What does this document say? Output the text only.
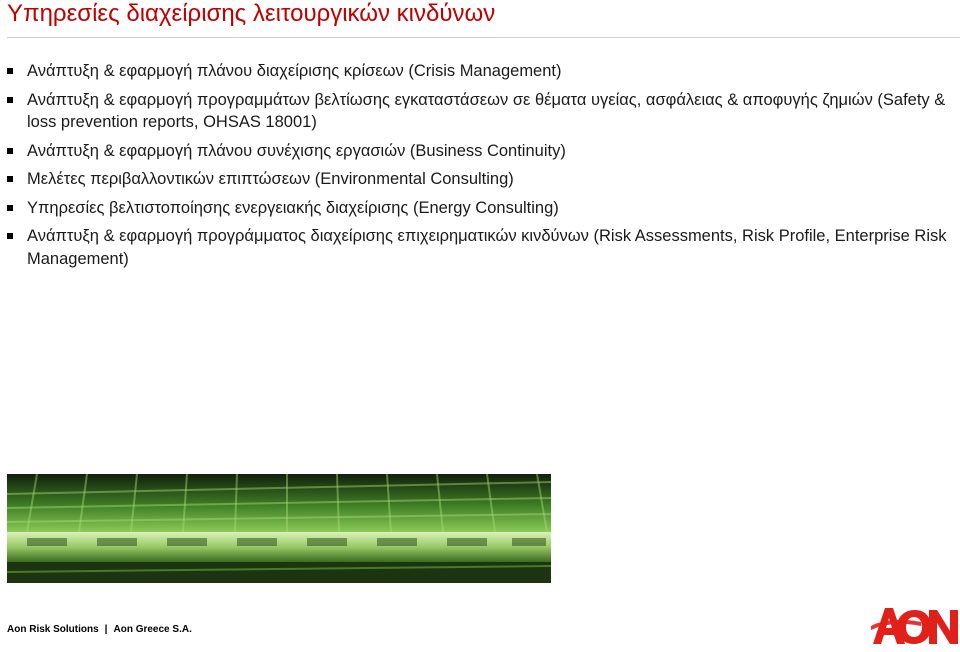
Υπηρεσίες διαχείρισης λειτουργικών κινδύνων
Ανάπτυξη & εφαρμογή πλάνου διαχείρισης κρίσεων (Crisis Management)
Ανάπτυξη & εφαρμογή προγραμμάτων βελτίωσης εγκαταστάσεων σε θέματα υγείας, ασφάλειας & αποφυγής ζημιών (Safety & loss prevention reports, OHSAS 18001)
Ανάπτυξη & εφαρμογή πλάνου συνέχισης εργασιών (Business Continuity)
Μελέτες περιβαλλοντικών επιπτώσεων (Environmental Consulting)
Υπηρεσίες βελτιστοποίησης ενεργειακής διαχείρισης (Energy Consulting)
Ανάπτυξη & εφαρμογή προγράμματος διαχείρισης επιχειρηματικών κινδύνων (Risk Assessments, Risk Profile, Enterprise Risk Management)
Aon Risk Solutions | Aon Greece S.A.
